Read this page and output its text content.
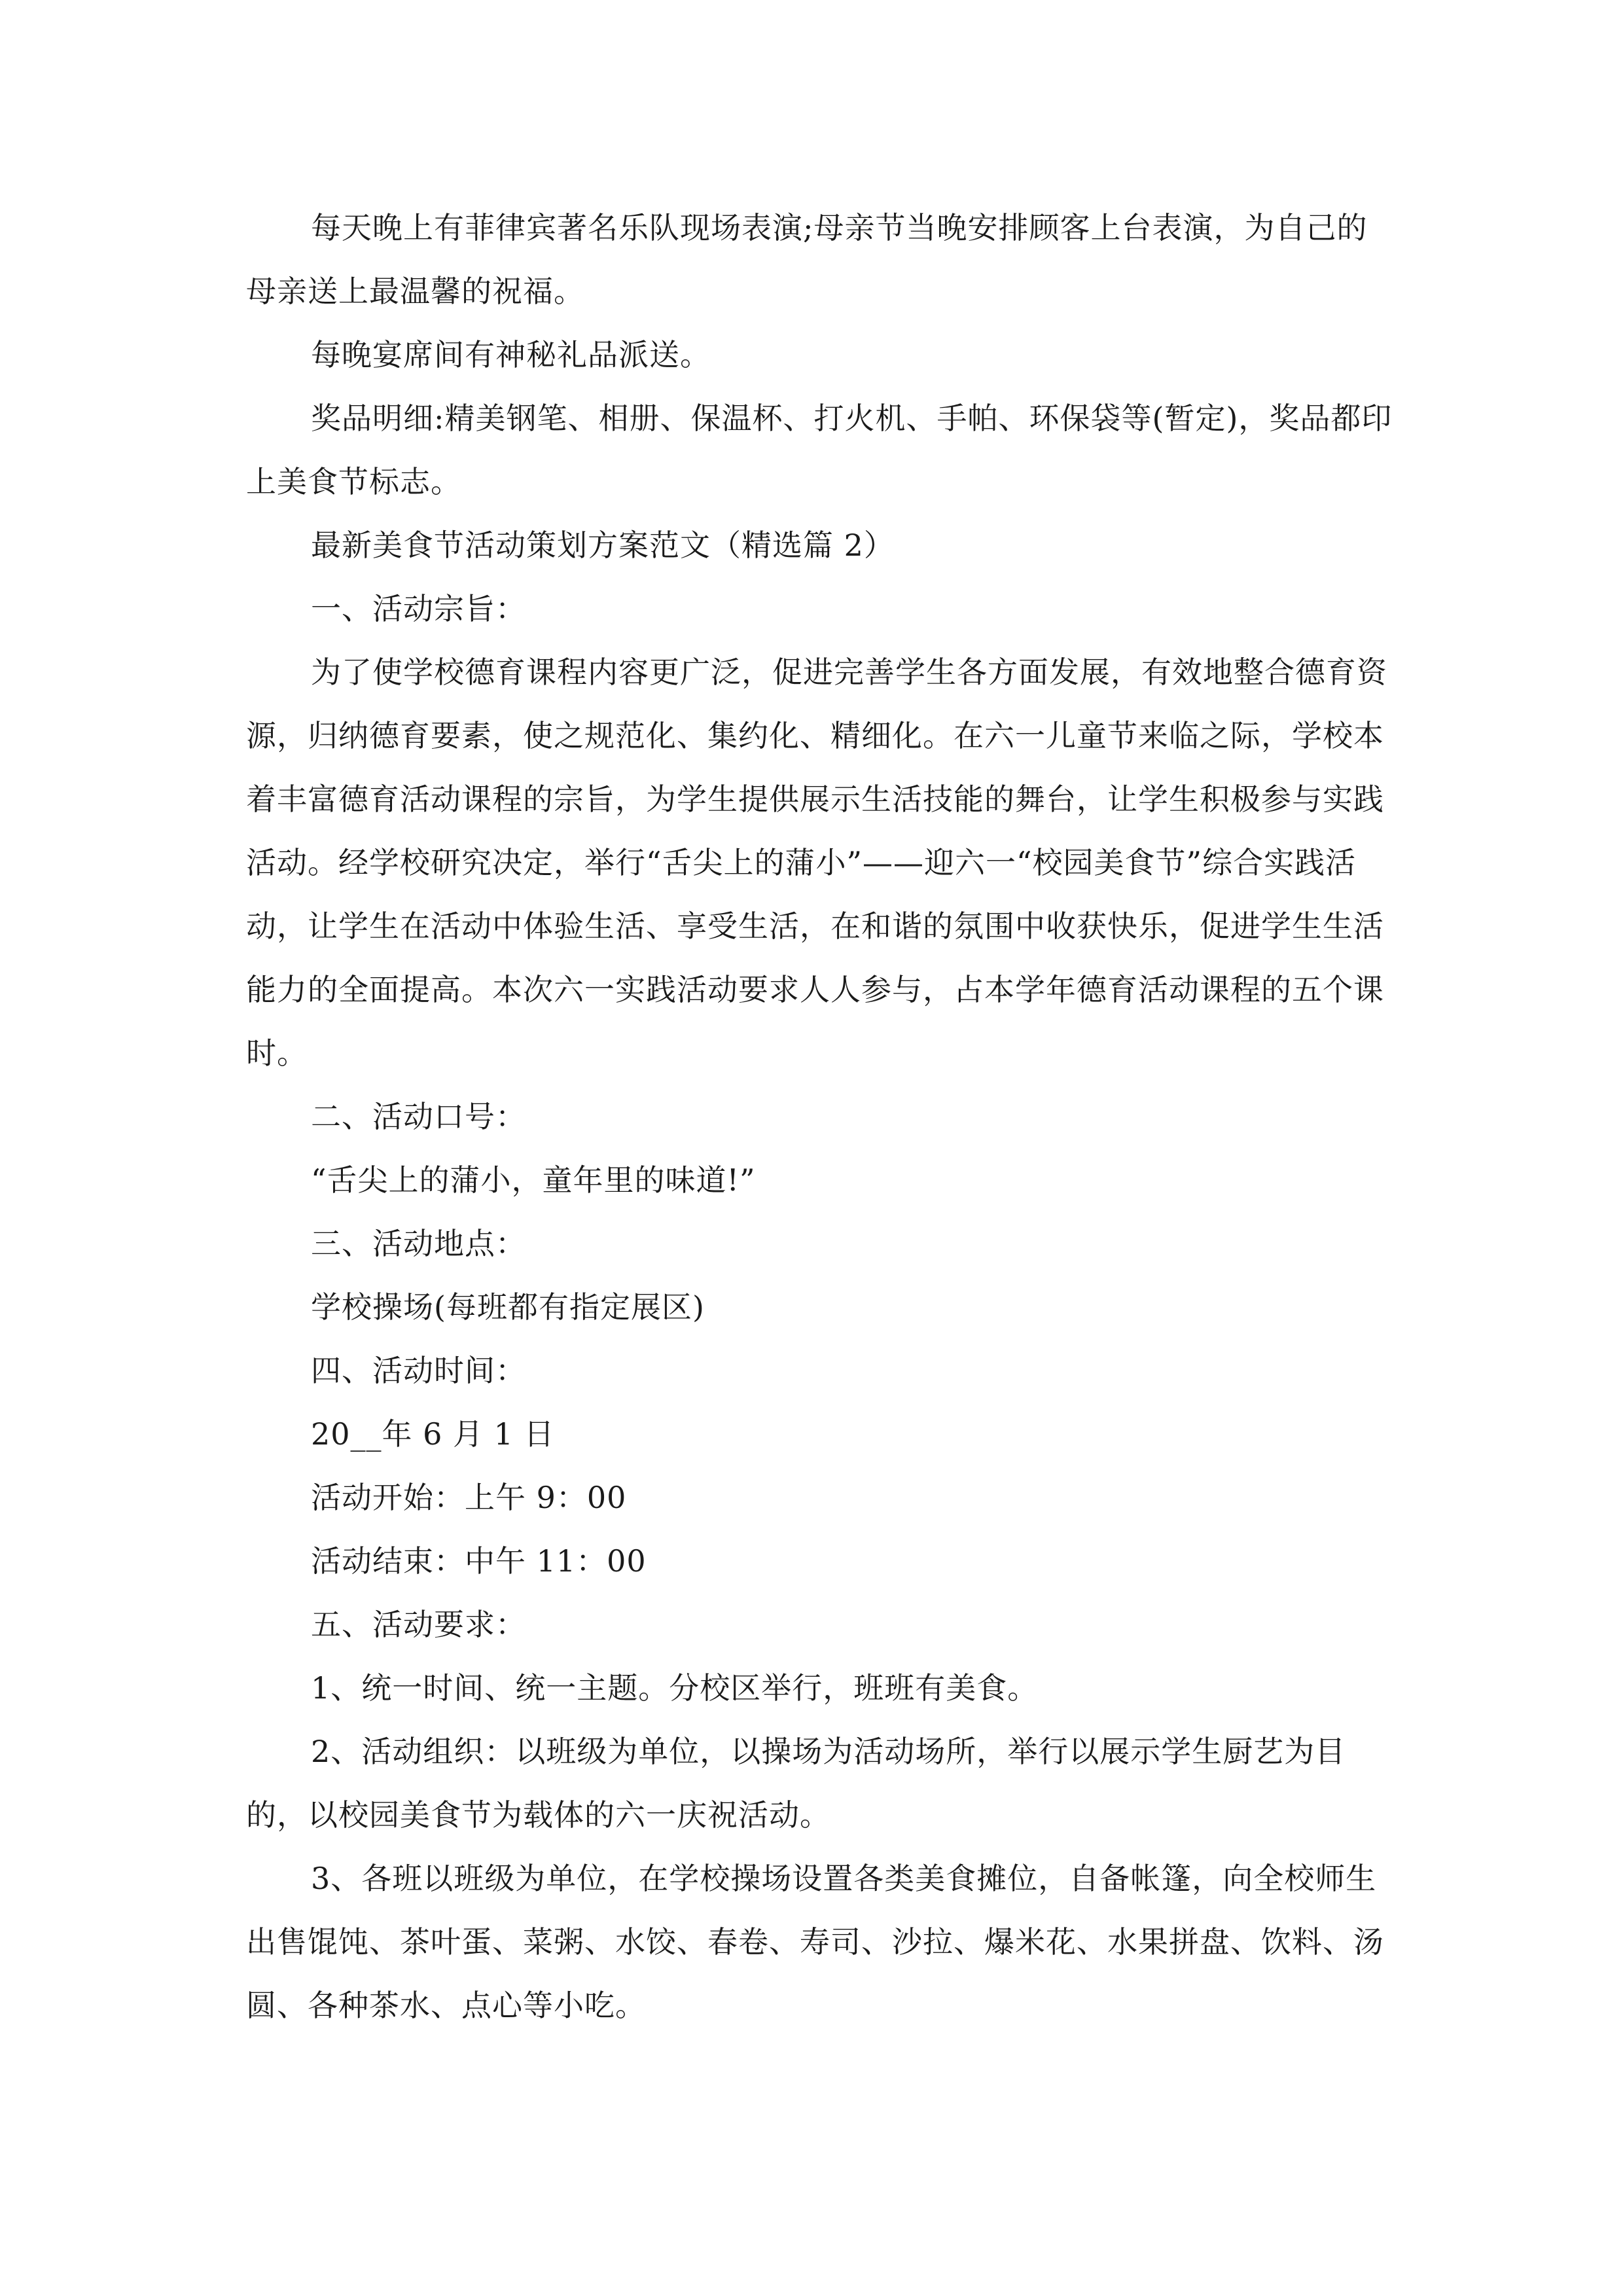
每天晚上有菲律宾著名乐队现场表演;母亲节当晚安排顾客上台表演，为自己的母亲送上最温馨的祝福。

每晚宴席间有神秘礼品派送。

奖品明细:精美钢笔、相册、保温杯、打火机、手帕、环保袋等(暂定)，奖品都印上美食节标志。

最新美食节活动策划方案范文（精选篇 2）

一、活动宗旨：

为了使学校德育课程内容更广泛，促进完善学生各方面发展，有效地整合德育资源，归纳德育要素，使之规范化、集约化、精细化。在六一儿童节来临之际，学校本着丰富德育活动课程的宗旨，为学生提供展示生活技能的舞台，让学生积极参与实践活动。经学校研究决定，举行“舌尖上的蒲小”——迎六一“校园美食节”综合实践活动，让学生在活动中体验生活、享受生活，在和谐的氛围中收获快乐，促进学生生活能力的全面提高。本次六一实践活动要求人人参与，占本学年德育活动课程的五个课时。

二、活动口号：

“舌尖上的蒲小，童年里的味道!”

三、活动地点：

学校操场(每班都有指定展区)

四、活动时间：

20__年 6 月 1 日

活动开始：上午 9：00

活动结束：中午 11：00

五、活动要求：

1、统一时间、统一主题。分校区举行，班班有美食。

2、活动组织：以班级为单位，以操场为活动场所，举行以展示学生厨艺为目的，以校园美食节为载体的六一庆祝活动。

3、各班以班级为单位，在学校操场设置各类美食摊位，自备帐篷，向全校师生出售馄饨、茶叶蛋、菜粥、水饺、春卷、寿司、沙拉、爆米花、水果拼盘、饮料、汤圆、各种茶水、点心等小吃。
